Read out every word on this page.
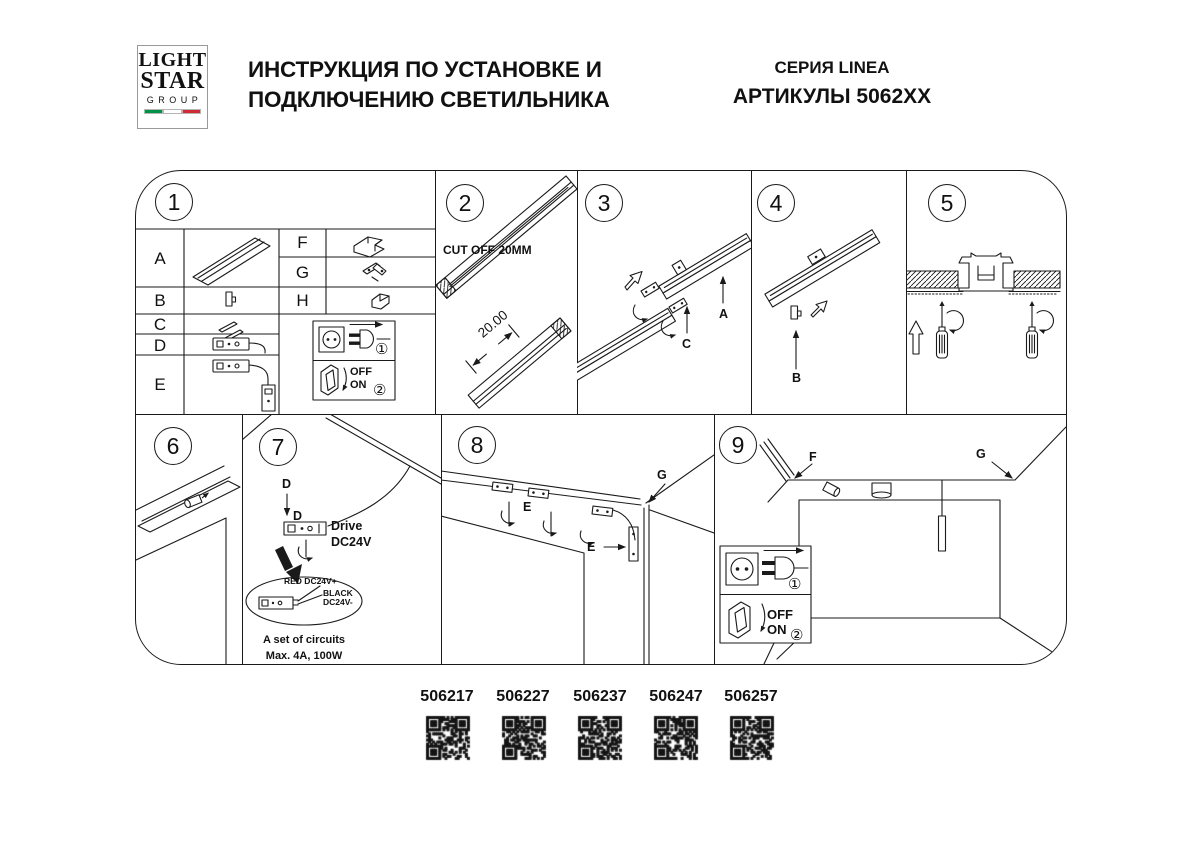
LIGHT
STAR
GROUP
ИНСТРУКЦИЯ ПО УСТАНОВКЕ И
ПОДКЛЮЧЕНИЮ СВЕТИЛЬНИКА
СЕРИЯ LINEA
АРТИКУЛЫ 5062XX
1
A
B
C
D
E
F
G
H
①
OFF
ON ②
2
CUT OFF 20MM
20.00
3
C
A
4
B
5
6	7
D
D
Drive
DC24V
RED DC24V+
BLACK
DC24V-
A set of circuits
Max. 4A, 100W
8
E
E
G
9	F	G
①
OFF
ON ②
506217	506227	506237	506247	506257
